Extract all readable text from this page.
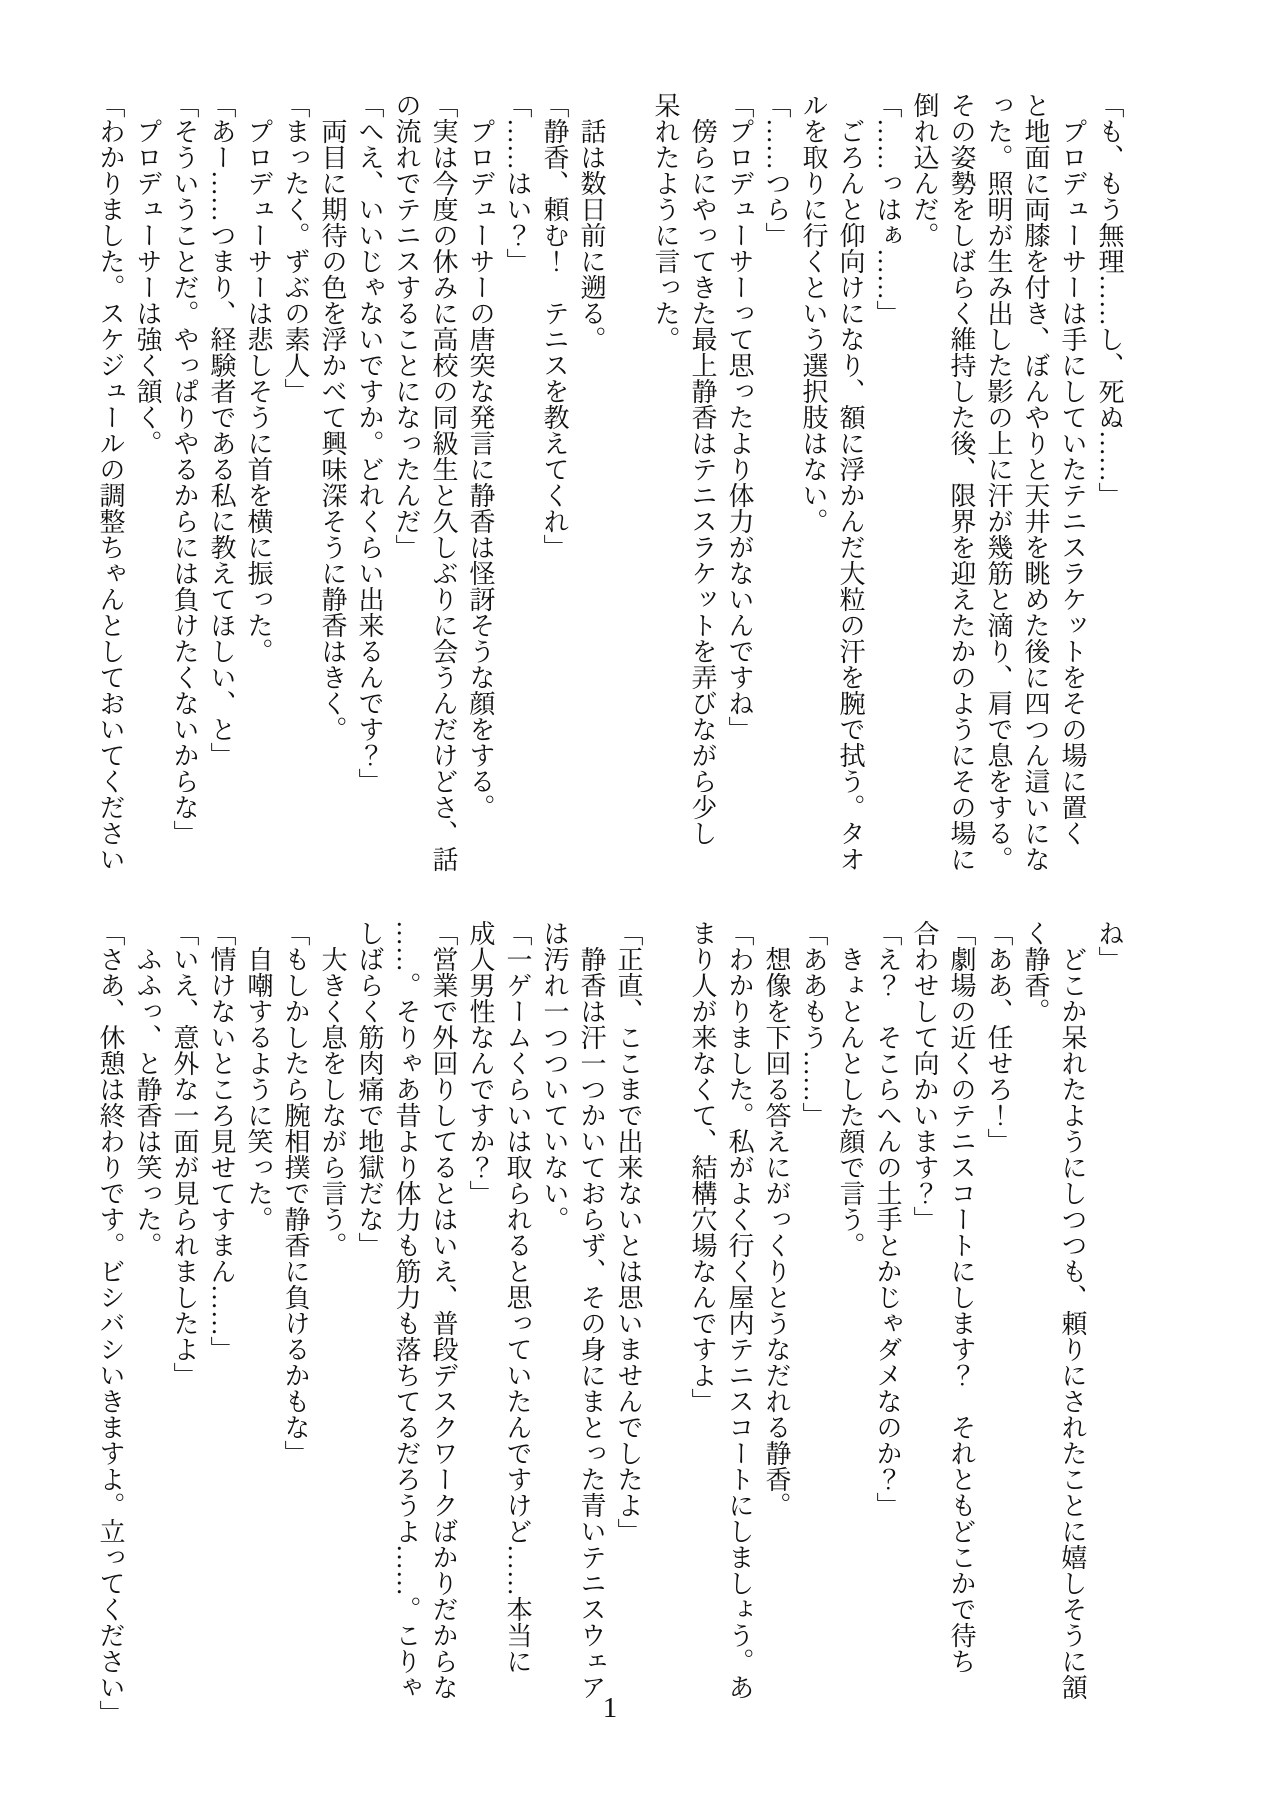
「も、もう無理……し、死ぬ……」
　プロデューサーは手にしていたテニスラケットをその場に置く
と地面に両膝を付き、ぼんやりと天井を眺めた後に四つん這いにな
った。照明が生み出した影の上に汗が幾筋と滴り、肩で息をする。
その姿勢をしばらく維持した後、限界を迎えたかのようにその場に
倒れ込んだ。
「……っはぁ……」
　ごろんと仰向けになり、額に浮かんだ大粒の汗を腕で拭う。タオ
ルを取りに行くという選択肢はない。
「……つら」
「プロデューサーって思ったより体力がないんですね」
　傍らにやってきた最上静香はテニスラケットを弄びながら少し
呆れたように言った。

　話は数日前に遡る。
「静香、頼む！　テニスを教えてくれ」
「……はい？」
　プロデューサーの唐突な発言に静香は怪訝そうな顔をする。
「実は今度の休みに高校の同級生と久しぶりに会うんだけどさ、話
の流れでテニスすることになったんだ」
「へえ、いいじゃないですか。どれくらい出来るんです？」
　両目に期待の色を浮かべて興味深そうに静香はきく。
「まったく。ずぶの素人」
　プロデューサーは悲しそうに首を横に振った。
「あー……つまり、経験者である私に教えてほしい、と」
「そういうことだ。やっぱりやるからには負けたくないからな」
　プロデューサーは強く頷く。
「わかりました。スケジュールの調整ちゃんとしておいてください
ね」
　どこか呆れたようにしつつも、頼りにされたことに嬉しそうに頷
く静香。
「ああ、任せろ！」
「劇場の近くのテニスコートにします？　それともどこかで待ち
合わせして向かいます？」
「え？　そこらへんの土手とかじゃダメなのか？」
　きょとんとした顔で言う。
「ああもう……」
　想像を下回る答えにがっくりとうなだれる静香。
「わかりました。私がよく行く屋内テニスコートにしましょう。あ
まり人が来なくて、結構穴場なんですよ」

「正直、ここまで出来ないとは思いませんでしたよ」
　静香は汗一つかいておらず、その身にまとった青いテニスウェア
は汚れ一つついていない。
「一ゲームくらいは取られると思っていたんですけど……本当に
成人男性なんですか？」
「営業で外回りしてるとはいえ、普段デスクワークばかりだからな
……。そりゃあ昔より体力も筋力も落ちてるだろうよ……。こりゃ
しばらく筋肉痛で地獄だな」
　大きく息をしながら言う。
「もしかしたら腕相撲で静香に負けるかもな」
　自嘲するように笑った。
「情けないところ見せてすまん……」
「いえ、意外な一面が見られましたよ」
　ふふっ、と静香は笑った。
「さあ、休憩は終わりです。ビシバシいきますよ。立ってください」	1
